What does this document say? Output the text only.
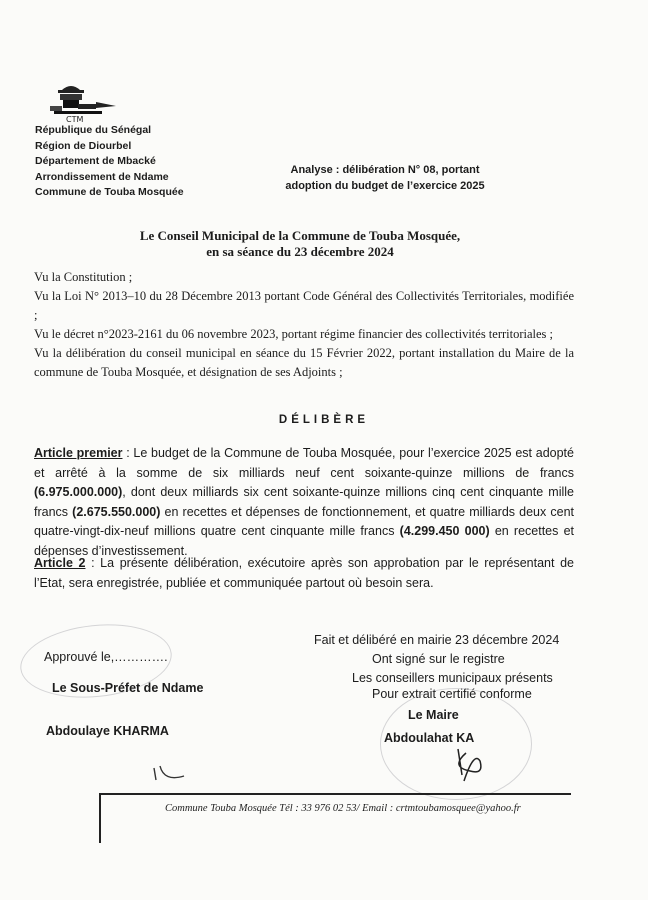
CTM
République du Sénégal
Région de Diourbel
Département de Mbacké
Arrondissement de Ndame
Commune de Touba Mosquée
Analyse : délibération N° 08, portant
adoption du budget de l’exercice 2025
Le Conseil Municipal de la Commune de Touba Mosquée,
en sa séance du 23 décembre 2024

Vu la Constitution ;

Vu la Loi N° 2013–10 du 28 Décembre 2013 portant Code Général des Collectivités Territoriales, modifiée ;

Vu le décret n°2023-2161 du 06 novembre 2023, portant régime financier des collectivités territoriales ;

Vu la délibération du conseil municipal en séance du 15 Février 2022, portant installation du Maire de la commune de Touba Mosquée, et désignation de ses Adjoints ;

DÉLIBÈRE

Article premier : Le budget de la Commune de Touba Mosquée, pour l’exercice 2025 est adopté et arrêté à la somme de six milliards neuf cent soixante-quinze millions de francs (6.975.000.000), dont deux milliards six cent soixante-quinze millions cinq cent cinquante mille francs (2.675.550.000) en recettes et dépenses de fonctionnement, et quatre milliards deux cent quatre-vingt-dix-neuf millions quatre cent cinquante mille francs (4.299.450 000) en recettes et dépenses d’investissement.

Article 2 : La présente délibération, exécutoire après son approbation par le représentant de l’Etat, sera enregistrée, publiée et communiquée partout où besoin sera.

Approuvé le,………….
Le Sous-Préfet de Ndame
Abdoulaye KHARMA
Fait et délibéré en mairie 23 décembre 2024
Ont signé sur le registre
Les conseillers municipaux présents
Pour extrait certifié conforme
Le Maire
Abdoulahat KA
Commune Touba Mosquée Tél : 33 976 02 53/ Email : crtmtoubamosquee@yahoo.fr
